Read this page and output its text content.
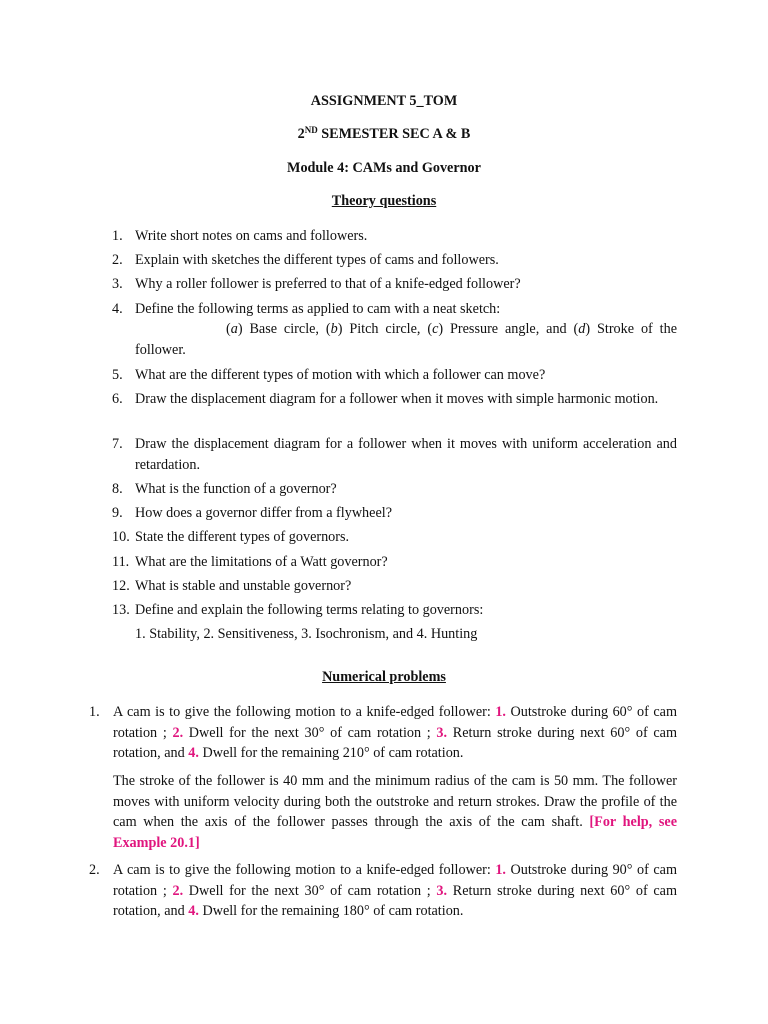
ASSIGNMENT 5_TOM
2ND SEMESTER SEC A & B
Module 4: CAMs and Governor
Theory questions
1. Write short notes on cams and followers.
2. Explain with sketches the different types of cams and followers.
3. Why a roller follower is preferred to that of a knife-edged follower?
4. Define the following terms as applied to cam with a neat sketch:
(a) Base circle, (b) Pitch circle, (c) Pressure angle, and (d) Stroke of the follower.
5. What are the different types of motion with which a follower can move?
6. Draw the displacement diagram for a follower when it moves with simple harmonic motion.
7. Draw the displacement diagram for a follower when it moves with uniform acceleration and retardation.
8. What is the function of a governor?
9. How does a governor differ from a flywheel?
10. State the different types of governors.
11. What are the limitations of a Watt governor?
12. What is stable and unstable governor?
13. Define and explain the following terms relating to governors:
1. Stability, 2. Sensitiveness, 3. Isochronism, and 4. Hunting
Numerical problems
1. A cam is to give the following motion to a knife-edged follower: 1. Outstroke during 60° of cam rotation ; 2. Dwell for the next 30° of cam rotation ; 3. Return stroke during next 60° of cam rotation, and 4. Dwell for the remaining 210° of cam rotation.
The stroke of the follower is 40 mm and the minimum radius of the cam is 50 mm. The follower moves with uniform velocity during both the outstroke and return strokes. Draw the profile of the cam when the axis of the follower passes through the axis of the cam shaft. [For help, see Example 20.1]
2. A cam is to give the following motion to a knife-edged follower: 1. Outstroke during 90° of cam rotation ; 2. Dwell for the next 30° of cam rotation ; 3. Return stroke during next 60° of cam rotation, and 4. Dwell for the remaining 180° of cam rotation.
